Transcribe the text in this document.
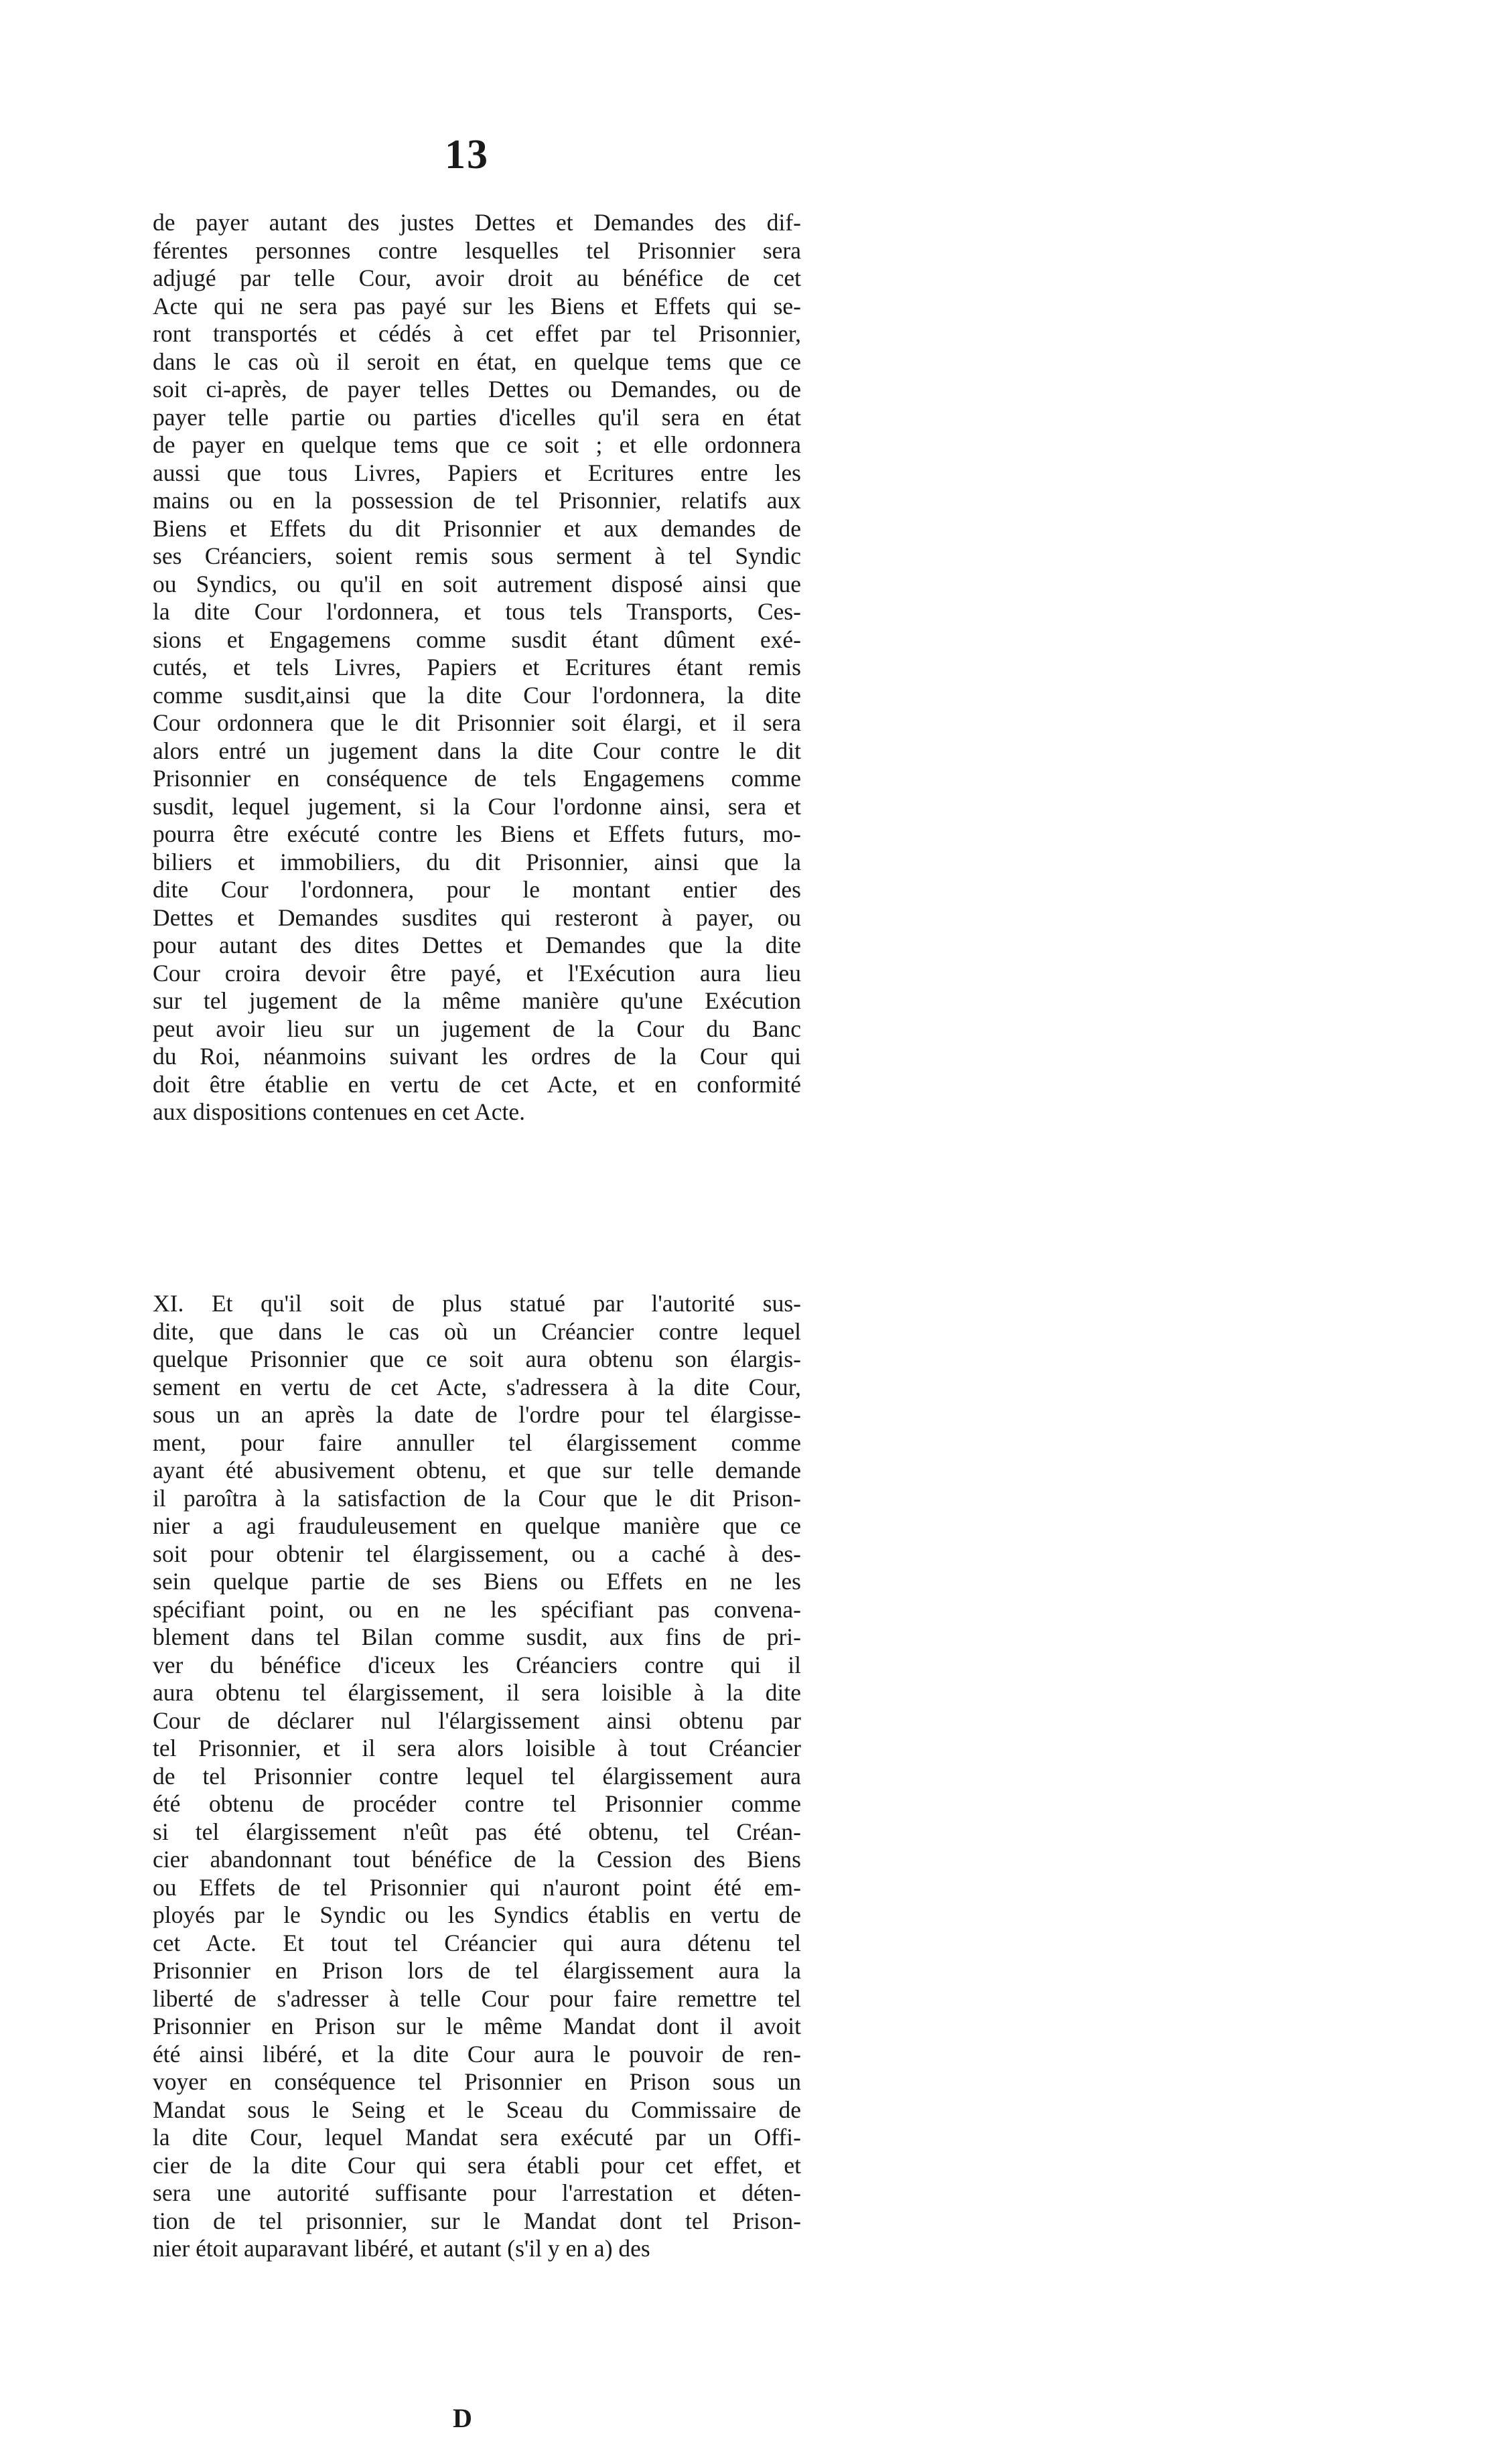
13
de payer autant des justes Dettes et Demandes des dif-
férentes personnes contre lesquelles tel Prisonnier sera
adjugé par telle Cour, avoir droit au bénéfice de cet
Acte qui ne sera pas payé sur les Biens et Effets qui se-
ront transportés et cédés à cet effet par tel Prisonnier,
dans le cas où il seroit en état, en quelque tems que ce
soit ci-après, de payer telles Dettes ou Demandes, ou de
payer telle partie ou parties d'icelles qu'il sera en état
de payer en quelque tems que ce soit ; et elle ordonnera
aussi que tous Livres, Papiers et Ecritures entre les
mains ou en la possession de tel Prisonnier, relatifs aux
Biens et Effets du dit Prisonnier et aux demandes de
ses Créanciers, soient remis sous serment à tel Syndic
ou Syndics, ou qu'il en soit autrement disposé ainsi que
la dite Cour l'ordonnera, et tous tels Transports, Ces-
sions et Engagemens comme susdit étant dûment exé-
cutés, et tels Livres, Papiers et Ecritures étant remis
comme susdit,ainsi que la dite Cour l'ordonnera, la dite
Cour ordonnera que le dit Prisonnier soit élargi, et il sera
alors entré un jugement dans la dite Cour contre le dit
Prisonnier en conséquence de tels Engagemens comme
susdit, lequel jugement, si la Cour l'ordonne ainsi, sera et
pourra être exécuté contre les Biens et Effets futurs, mo-
biliers et immobiliers, du dit Prisonnier, ainsi que la
dite Cour l'ordonnera, pour le montant entier des
Dettes et Demandes susdites qui resteront à payer, ou
pour autant des dites Dettes et Demandes que la dite
Cour croira devoir être payé, et l'Exécution aura lieu
sur tel jugement de la même manière qu'une Exécution
peut avoir lieu sur un jugement de la Cour du Banc
du Roi, néanmoins suivant les ordres de la Cour qui
doit être établie en vertu de cet Acte, et en conformité
aux dispositions contenues en cet Acte.
XI. Et qu'il soit de plus statué par l'autorité sus-
dite, que dans le cas où un Créancier contre lequel
quelque Prisonnier que ce soit aura obtenu son élargis-
sement en vertu de cet Acte, s'adressera à la dite Cour,
sous un an après la date de l'ordre pour tel élargisse-
ment, pour faire annuller tel élargissement comme
ayant été abusivement obtenu, et que sur telle demande
il paroîtra à la satisfaction de la Cour que le dit Prison-
nier a agi frauduleusement en quelque manière que ce
soit pour obtenir tel élargissement, ou a caché à des-
sein quelque partie de ses Biens ou Effets en ne les
spécifiant point, ou en ne les spécifiant pas convena-
blement dans tel Bilan comme susdit, aux fins de pri-
ver du bénéfice d'iceux les Créanciers contre qui il
aura obtenu tel élargissement, il sera loisible à la dite
Cour de déclarer nul l'élargissement ainsi obtenu par
tel Prisonnier, et il sera alors loisible à tout Créancier
de tel Prisonnier contre lequel tel élargissement aura
été obtenu de procéder contre tel Prisonnier comme
si tel élargissement n'eût pas été obtenu, tel Créan-
cier abandonnant tout bénéfice de la Cession des Biens
ou Effets de tel Prisonnier qui n'auront point été em-
ployés par le Syndic ou les Syndics établis en vertu de
cet Acte. Et tout tel Créancier qui aura détenu tel
Prisonnier en Prison lors de tel élargissement aura la
liberté de s'adresser à telle Cour pour faire remettre tel
Prisonnier en Prison sur le même Mandat dont il avoit
été ainsi libéré, et la dite Cour aura le pouvoir de ren-
voyer en conséquence tel Prisonnier en Prison sous un
Mandat sous le Seing et le Sceau du Commissaire de
la dite Cour, lequel Mandat sera exécuté par un Offi-
cier de la dite Cour qui sera établi pour cet effet, et
sera une autorité suffisante pour l'arrestation et déten-
tion de tel prisonnier, sur le Mandat dont tel Prison-
nier étoit auparavant libéré, et autant (s'il y en a) des
D
